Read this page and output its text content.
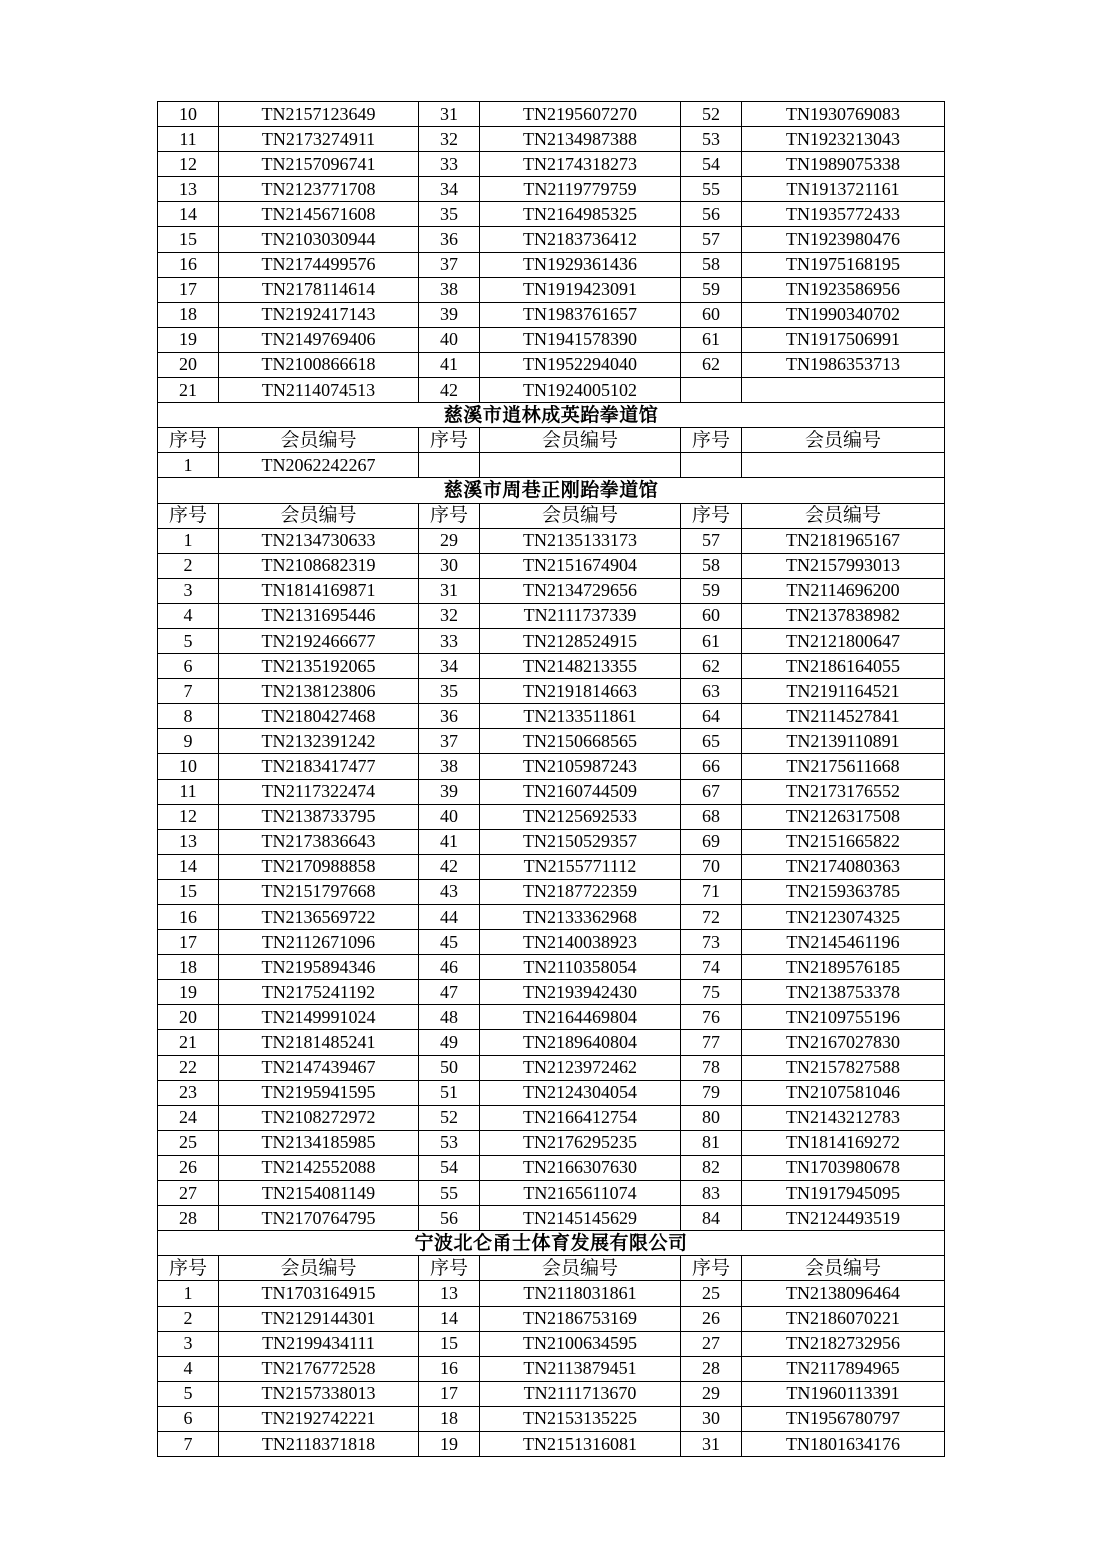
10	TN2157123649	31	TN2195607270	52	TN1930769083
11	TN2173274911	32	TN2134987388	53	TN1923213043
12	TN2157096741	33	TN2174318273	54	TN1989075338
13	TN2123771708	34	TN2119779759	55	TN1913721161
14	TN2145671608	35	TN2164985325	56	TN1935772433
15	TN2103030944	36	TN2183736412	57	TN1923980476
16	TN2174499576	37	TN1929361436	58	TN1975168195
17	TN2178114614	38	TN1919423091	59	TN1923586956
18	TN2192417143	39	TN1983761657	60	TN1990340702
19	TN2149769406	40	TN1941578390	61	TN1917506991
20	TN2100866618	41	TN1952294040	62	TN1986353713
21	TN2114074513	42	TN1924005102		
慈溪市逍林成英跆拳道馆					
序号	会员编号	序号	会员编号	序号	会员编号
1	TN2062242267				
慈溪市周巷正刚跆拳道馆					
序号	会员编号	序号	会员编号	序号	会员编号
1	TN2134730633	29	TN2135133173	57	TN2181965167
2	TN2108682319	30	TN2151674904	58	TN2157993013
3	TN1814169871	31	TN2134729656	59	TN2114696200
4	TN2131695446	32	TN2111737339	60	TN2137838982
5	TN2192466677	33	TN2128524915	61	TN2121800647
6	TN2135192065	34	TN2148213355	62	TN2186164055
7	TN2138123806	35	TN2191814663	63	TN2191164521
8	TN2180427468	36	TN2133511861	64	TN2114527841
9	TN2132391242	37	TN2150668565	65	TN2139110891
10	TN2183417477	38	TN2105987243	66	TN2175611668
11	TN2117322474	39	TN2160744509	67	TN2173176552
12	TN2138733795	40	TN2125692533	68	TN2126317508
13	TN2173836643	41	TN2150529357	69	TN2151665822
14	TN2170988858	42	TN2155771112	70	TN2174080363
15	TN2151797668	43	TN2187722359	71	TN2159363785
16	TN2136569722	44	TN2133362968	72	TN2123074325
17	TN2112671096	45	TN2140038923	73	TN2145461196
18	TN2195894346	46	TN2110358054	74	TN2189576185
19	TN2175241192	47	TN2193942430	75	TN2138753378
20	TN2149991024	48	TN2164469804	76	TN2109755196
21	TN2181485241	49	TN2189640804	77	TN2167027830
22	TN2147439467	50	TN2123972462	78	TN2157827588
23	TN2195941595	51	TN2124304054	79	TN2107581046
24	TN2108272972	52	TN2166412754	80	TN2143212783
25	TN2134185985	53	TN2176295235	81	TN1814169272
26	TN2142552088	54	TN2166307630	82	TN1703980678
27	TN2154081149	55	TN2165611074	83	TN1917945095
28	TN2170764795	56	TN2145145629	84	TN2124493519
宁波北仑甬士体育发展有限公司					
序号	会员编号	序号	会员编号	序号	会员编号
1	TN1703164915	13	TN2118031861	25	TN2138096464
2	TN2129144301	14	TN2186753169	26	TN2186070221
3	TN2199434111	15	TN2100634595	27	TN2182732956
4	TN2176772528	16	TN2113879451	28	TN2117894965
5	TN2157338013	17	TN2111713670	29	TN1960113391
6	TN2192742221	18	TN2153135225	30	TN1956780797
7	TN2118371818	19	TN2151316081	31	TN1801634176
